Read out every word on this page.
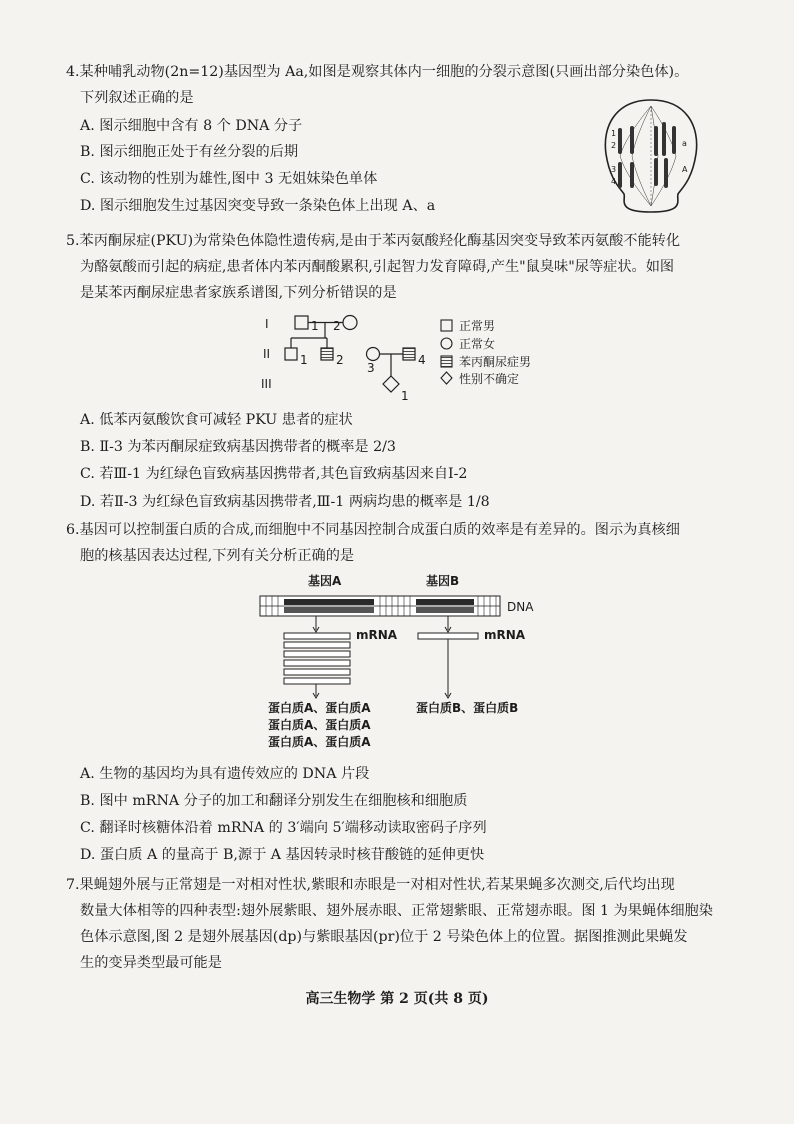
4.某种哺乳动物(2n=12)基因型为 Aa,如图是观察其体内一细胞的分裂示意图(只画出部分染色体)。
下列叙述正确的是
A. 图示细胞中含有 8 个 DNA 分子
B. 图示细胞正处于有丝分裂的后期
C. 该动物的性别为雄性,图中 3 无姐妹染色单体
D. 图示细胞发生过基因突变导致一条染色体上出现 A、a
1
2
3
4
A
a
5.苯丙酮尿症(PKU)为常染色体隐性遗传病,是由于苯丙氨酸羟化酶基因突变导致苯丙氨酸不能转化
为酪氨酸而引起的病症,患者体内苯丙酮酸累积,引起智力发育障碍,产生"鼠臭味"尿等症状。如图
是某苯丙酮尿症患者家族系谱图,下列分析错误的是
I
II
III
1 2
1 2
3
4
1
正常男
正常女
苯丙酮尿症男
性别不确定
A. 低苯丙氨酸饮食可减轻 PKU 患者的症状
B. Ⅱ-3 为苯丙酮尿症致病基因携带者的概率是 2/3
C. 若Ⅲ-1 为红绿色盲致病基因携带者,其色盲致病基因来自Ⅰ-2
D. 若Ⅱ-3 为红绿色盲致病基因携带者,Ⅲ-1 两病均患的概率是 1/8
6.基因可以控制蛋白质的合成,而细胞中不同基因控制合成蛋白质的效率是有差异的。图示为真核细
胞的核基因表达过程,下列有关分析正确的是
基因A	基因B
DNA
mRNA	mRNA
蛋白质A、蛋白质A
蛋白质A、蛋白质A
蛋白质A、蛋白质A
蛋白质B、蛋白质B
A. 生物的基因均为具有遗传效应的 DNA 片段
B. 图中 mRNA 分子的加工和翻译分别发生在细胞核和细胞质
C. 翻译时核糖体沿着 mRNA 的 3′端向 5′端移动读取密码子序列
D. 蛋白质 A 的量高于 B,源于 A 基因转录时核苷酸链的延伸更快
7.果蝇翅外展与正常翅是一对相对性状,紫眼和赤眼是一对相对性状,若某果蝇多次测交,后代均出现
数量大体相等的四种表型:翅外展紫眼、翅外展赤眼、正常翅紫眼、正常翅赤眼。图 1 为果蝇体细胞染
色体示意图,图 2 是翅外展基因(dp)与紫眼基因(pr)位于 2 号染色体上的位置。据图推测此果蝇发
生的变异类型最可能是
高三生物学 第 2 页(共 8 页)
